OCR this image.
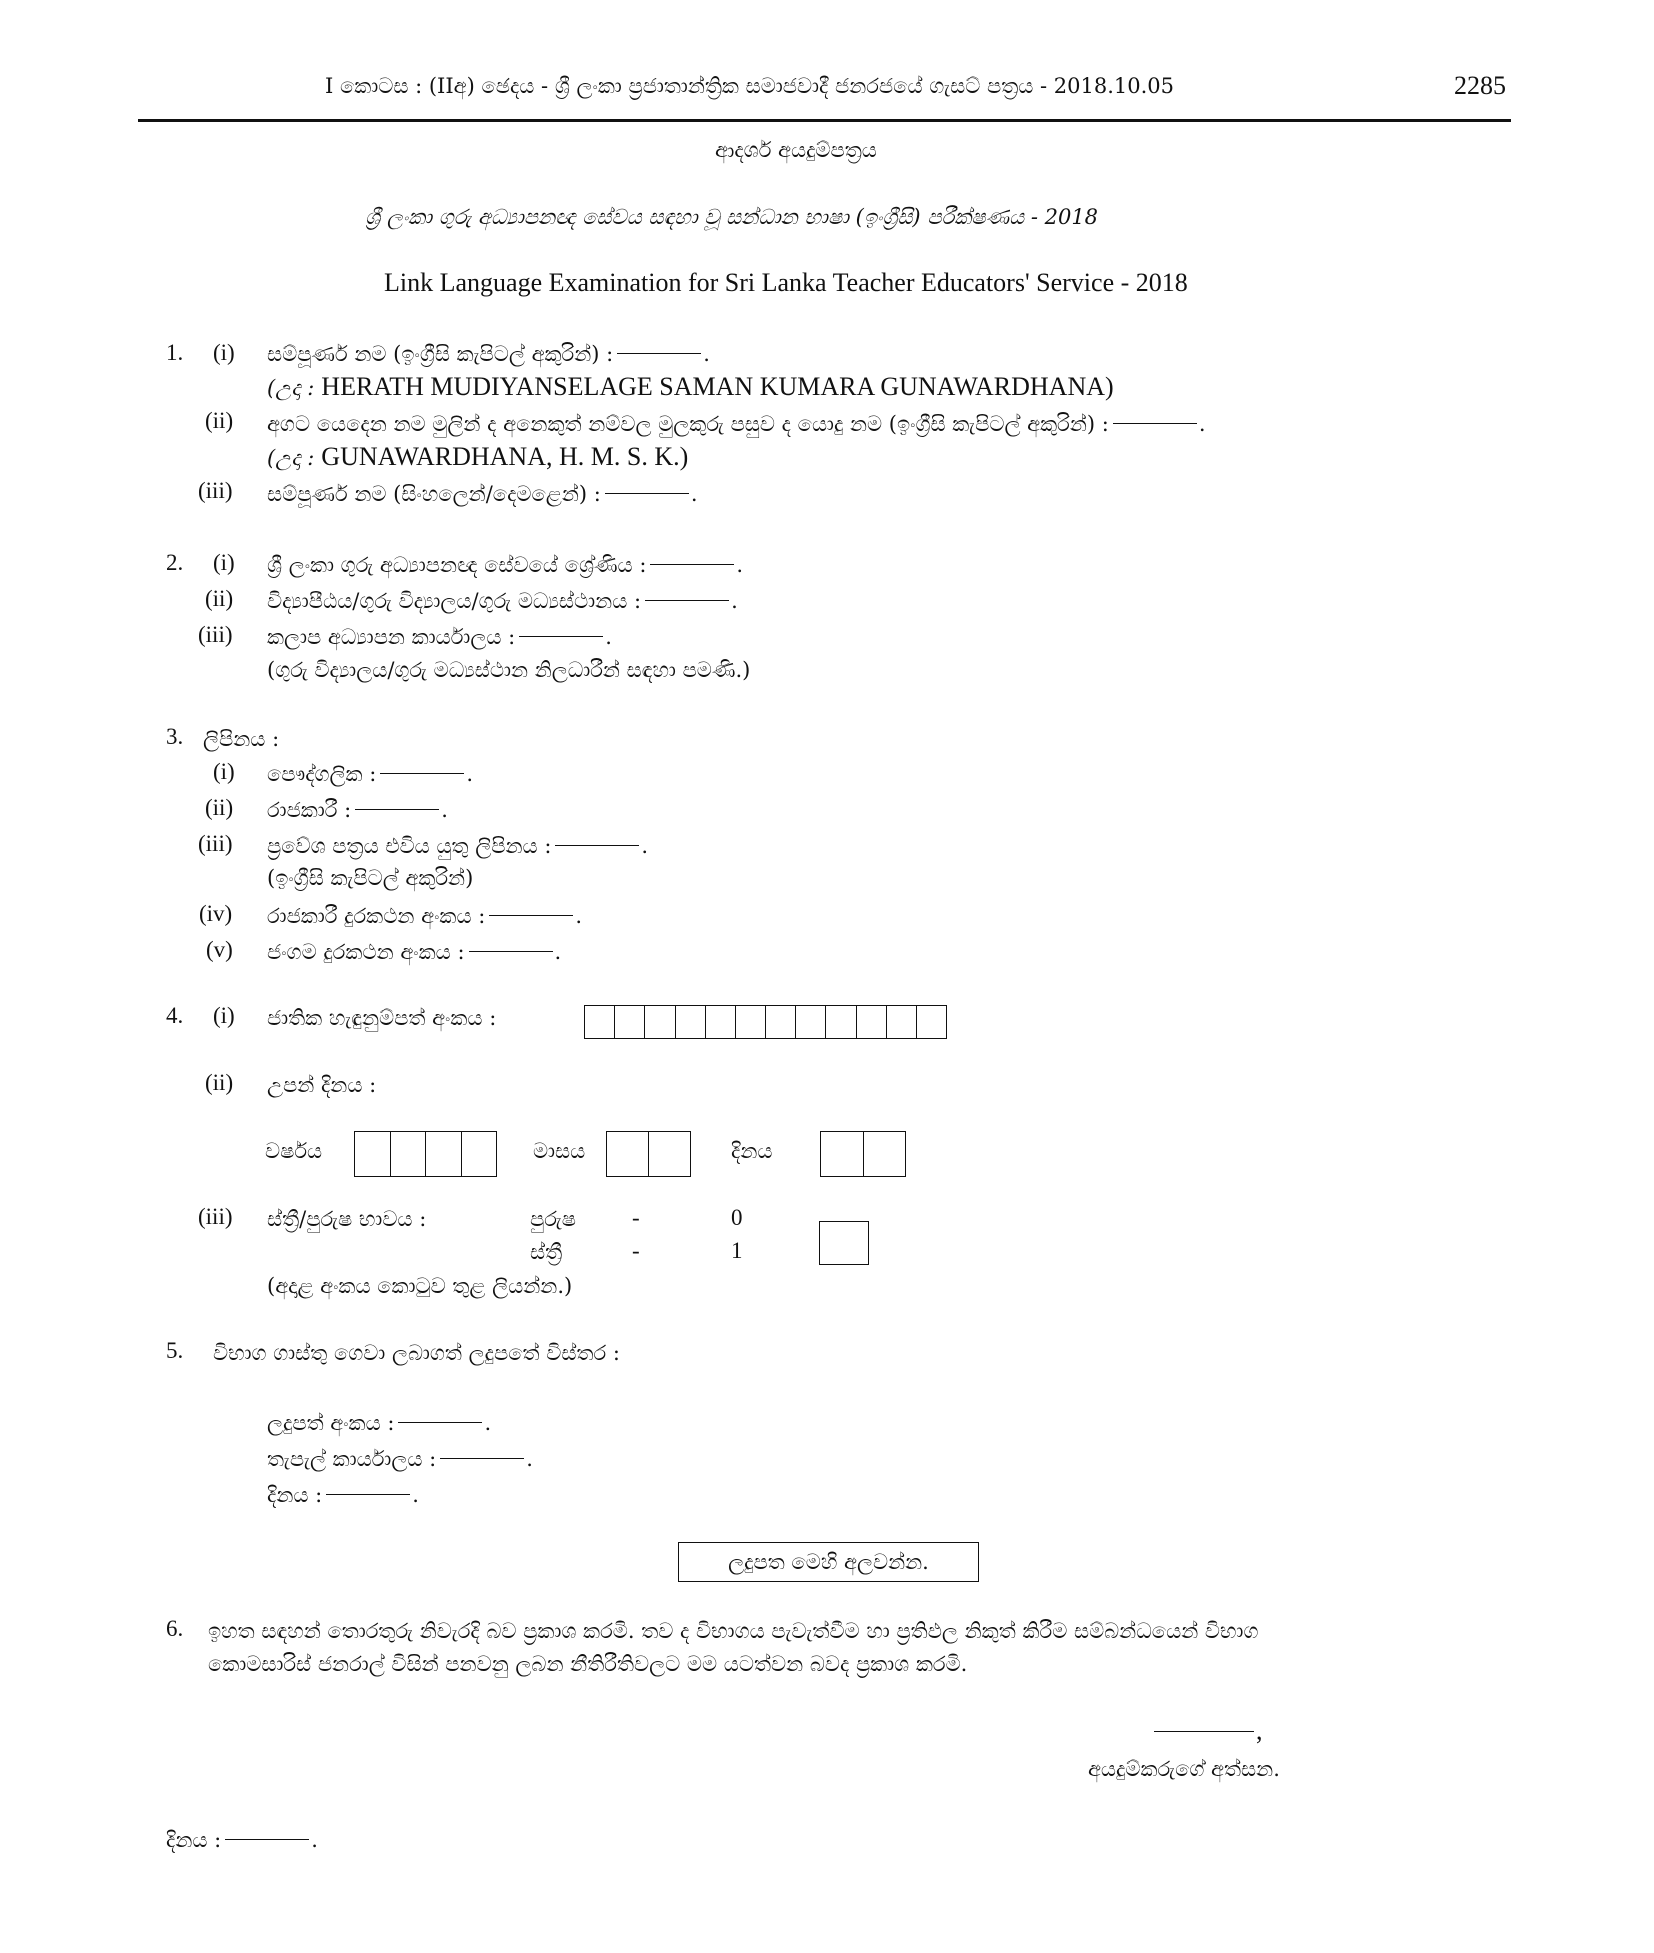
I කොටස : (IIඅ) ඡෙදය - ශ්‍රී ලංකා ප්‍රජාතාන්ත්‍රික සමාජවාදී ජනරජයේ ගැසට් පත්‍රය - 2018.10.05	2285
ආදර්ශ අයදුම්පත්‍රය
ශ්‍රී ලංකා ගුරු අධ්‍යාපනඥ සේවය සඳහා වූ සන්ධාන භාෂා (ඉංග්‍රීසි) පරීක්ෂණය - 2018
Link Language Examination for Sri Lanka Teacher Educators' Service - 2018
1. (i) සම්පූර්ණ නම (ඉංග්‍රීසි කැපිටල් අකුරින්) :	.
(උදා : HERATH MUDIYANSELAGE SAMAN KUMARA GUNAWARDHANA)
(ii) අගට යෙදෙන නම මුලින් ද අනෙකුත් නම්වල මුලකුරු පසුව ද යොදු නම (ඉංග්‍රීසි කැපිටල් අකුරින්) :	.
(උදා : GUNAWARDHANA, H. M. S. K.)
(iii) සම්පූර්ණ නම (සිංහලෙන්/දෙමළෙන්) :	.
2. (i) ශ්‍රී ලංකා ගුරු අධ්‍යාපනඥ සේවයේ ශ්‍රේණිය :	.
(ii) විද්‍යාපීඨය/ගුරු විද්‍යාලය/ගුරු මධ්‍යස්ථානය :	.
(iii) කලාප අධ්‍යාපන කාර්යාලය :	.
(ගුරු විද්‍යාලය/ගුරු මධ්‍යස්ථාන නිලධාරීන් සඳහා පමණි.)
3. ලිපිනය :
(i) පෞද්ගලික :	.
(ii) රාජකාරී :	.
(iii) ප්‍රවේශ පත්‍රය එවිය යුතු ලිපිනය :	.
(ඉංග්‍රීසි කැපිටල් අකුරින්)
(iv) රාජකාරී දුරකථන අංකය :	.
(v) ජංගම දුරකථන අංකය :	.
4. (i) ජාතික හැඳුනුම්පත් අංකය :
(ii) උපන් දිනය :
වර්ෂය	මාසය	දිනය
(iii) ස්ත්‍රී/පුරුෂ භාවය :	පුරුෂ -	0
ස්ත්‍රී	-	1
(අදාළ අංකය කොටුව තුළ ලියන්න.)
5. විභාග ගාස්තු ගෙවා ලබාගත් ලදුපතේ විස්තර :
ලදුපත් අංකය :	.
තැපැල් කාර්යාලය :	.
දිනය :	.
ලදුපත මෙහි අලවන්න.
6. ඉහත සඳහන් තොරතුරු නිවැරදි බව ප්‍රකාශ කරමි. තව ද විභාගය පැවැත්වීම හා ප්‍රතිඵල නිකුත් කිරීම සම්බන්ධයෙන් විභාග
කොමසාරිස් ජනරාල් විසින් පනවනු ලබන නීතිරීතිවලට මම යටත්වන බවද ප්‍රකාශ කරමි.
,
අයදුම්කරුගේ අත්සන.
දිනය :	.
